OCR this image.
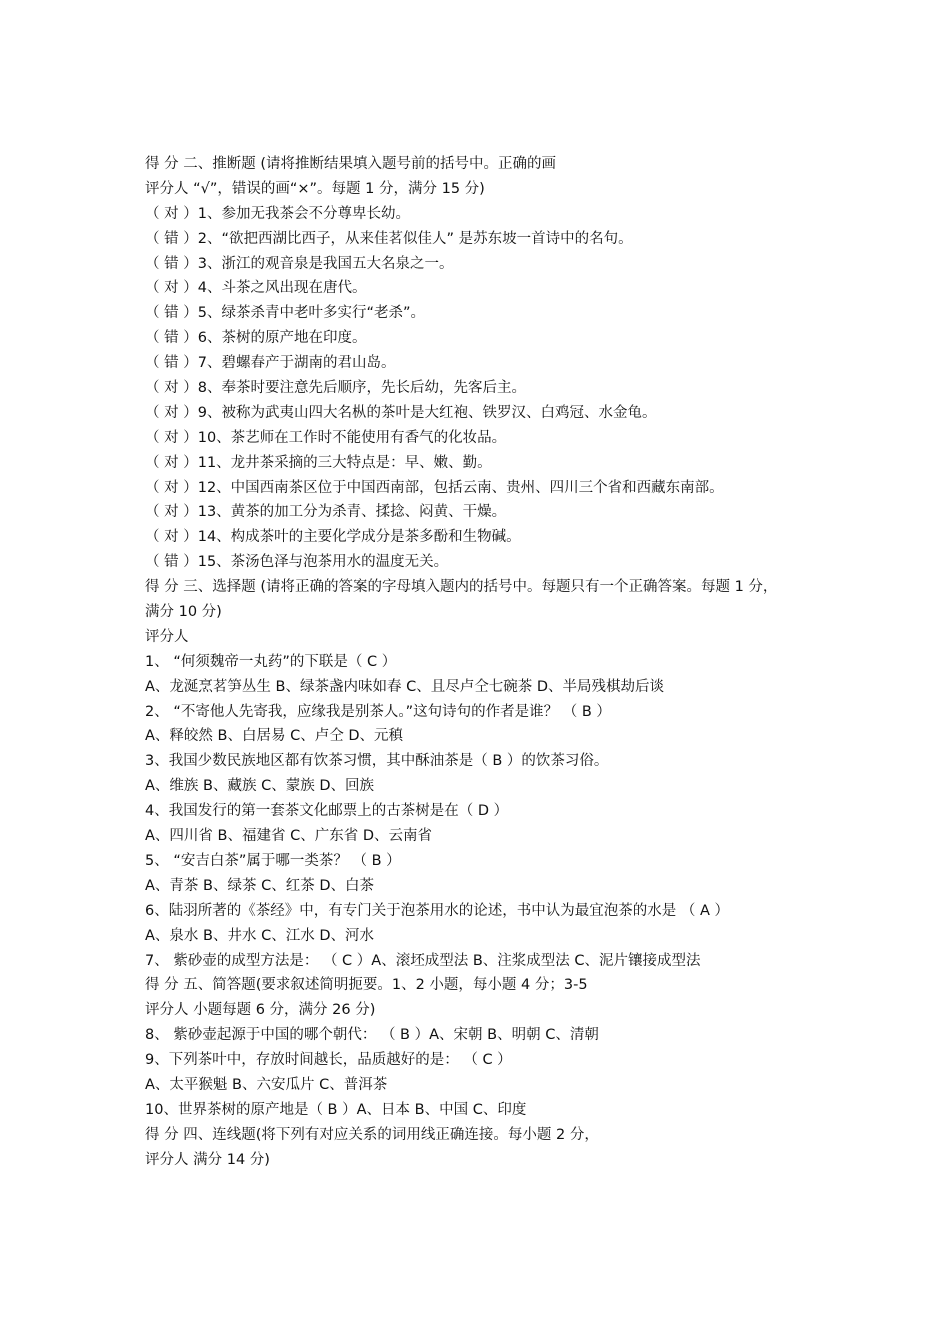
得 分 二、推断题 (请将推断结果填入题号前的括号中。正确的画
评分人 “√”，错误的画“×”。每题 1 分，满分 15 分)
（ 对 ）1、参加无我茶会不分尊卑长幼。
（ 错 ）2、“欲把西湖比西子，从来佳茗似佳人” 是苏东坡一首诗中的名句。
（ 错 ）3、浙江的观音泉是我国五大名泉之一。
（ 对 ）4、斗茶之风出现在唐代。
（ 错 ）5、绿茶杀青中老叶多实行“老杀”。
（ 错 ）6、茶树的原产地在印度。
（ 错 ）7、碧螺春产于湖南的君山岛。
（ 对 ）8、奉茶时要注意先后顺序，先长后幼，先客后主。
（ 对 ）9、被称为武夷山四大名枞的茶叶是大红袍、铁罗汉、白鸡冠、水金龟。
（ 对 ）10、茶艺师在工作时不能使用有香气的化妆品。
（ 对 ）11、龙井茶采摘的三大特点是：早、嫩、勤。
（ 对 ）12、中国西南茶区位于中国西南部，包括云南、贵州、四川三个省和西藏东南部。
（ 对 ）13、黄茶的加工分为杀青、揉捻、闷黄、干燥。
（ 对 ）14、构成茶叶的主要化学成分是茶多酚和生物碱。
（ 错 ）15、茶汤色泽与泡茶用水的温度无关。
得 分 三、选择题 (请将正确的答案的字母填入题内的括号中。每题只有一个正确答案。每题 1 分，
满分 10 分)
评分人
1、 “何须魏帝一丸药”的下联是（ C ）
A、龙涎烹茗笋丛生 B、绿茶盏内味如春 C、且尽卢仝七碗茶 D、半局残棋劫后谈
2、 “不寄他人先寄我，应缘我是别茶人。”这句诗句的作者是谁？ （ B ）
A、释皎然 B、白居易 C、卢仝 D、元稹
3、我国少数民族地区都有饮茶习惯，其中酥油茶是（ B ）的饮茶习俗。
A、维族 B、藏族 C、蒙族 D、回族
4、我国发行的第一套茶文化邮票上的古茶树是在（ D ）
A、四川省 B、福建省 C、广东省 D、云南省
5、 “安吉白茶”属于哪一类茶？ （ B ）
A、青茶 B、绿茶 C、红茶 D、白茶
6、陆羽所著的《茶经》中，有专门关于泡茶用水的论述，书中认为最宜泡茶的水是 （ A ）
A、泉水 B、井水 C、江水 D、河水
7、 紫砂壶的成型方法是： （ C ）A、滚坯成型法 B、注浆成型法 C、泥片镶接成型法
得 分 五、简答题(要求叙述简明扼要。1、2 小题，每小题 4 分；3-5
评分人 小题每题 6 分，满分 26 分)
8、 紫砂壶起源于中国的哪个朝代： （ B ）A、宋朝 B、明朝 C、清朝
9、下列茶叶中，存放时间越长，品质越好的是： （ C ）
A、太平猴魁 B、六安瓜片 C、普洱茶
10、世界茶树的原产地是（ B ）A、日本 B、中国 C、印度
得 分 四、连线题(将下列有对应关系的词用线正确连接。每小题 2 分，
评分人 满分 14 分)
